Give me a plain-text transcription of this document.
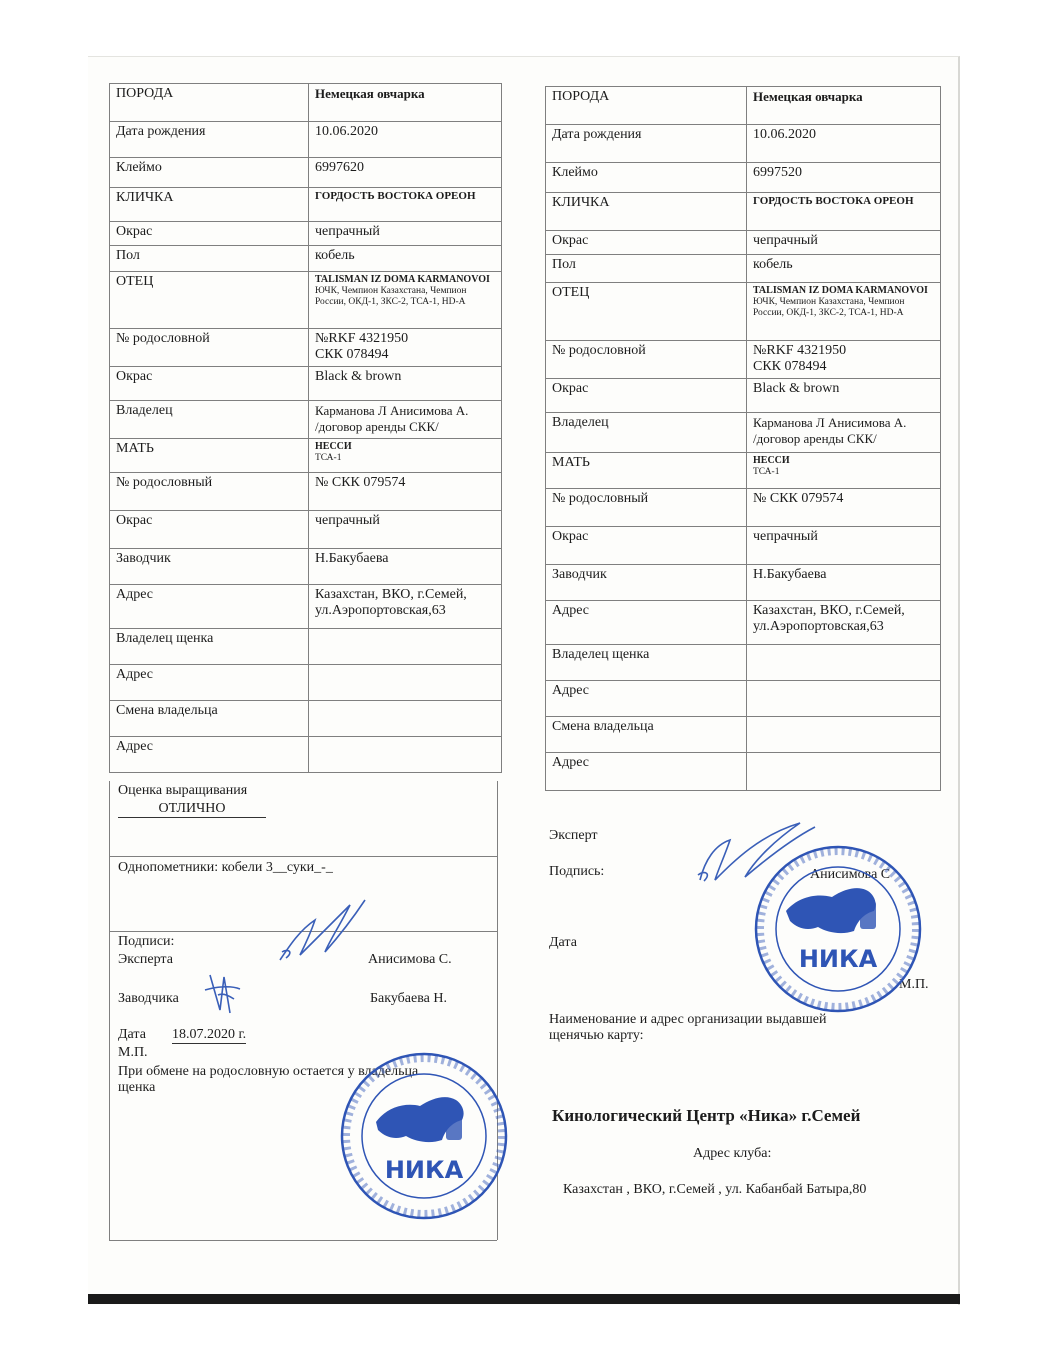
ПОРОДА	Немецкая овчарка
Дата рождения	10.06.2020
Клеймо	6997620
КЛИЧКА	ГОРДОСТЬ ВОСТОКА ОРЕОН
Окрас	чепрачный
Пол	кобель
ОТЕЦ	TALISMAN IZ DOMA KARMANOVOI ЮЧК, Чемпион Казахстана, Чемпион России, ОКД-1, ЗКС-2, ТСА-1, HD-A

№ родословной	№RKF 4321950
СКК 078494

Окрас	Black & brown
Владелец	Карманова Л Анисимова А.
/договор аренды СКК/

МАТЬ	НЕССИ
ТСА-1

№ родословный	№ СКК 079574
Окрас	чепрачный
Заводчик	Н.Бакубаева
Адрес	Казахстан, ВКО, г.Семей,
ул.Аэропортовская,63

Владелец щенка	
Адрес	
Смена владельца	
Адрес	
Оценка выращивания
ОТЛИЧНО
Однопометники: кобели 3__суки_-_
Подписи:
Эксперта	Анисимова С.
Заводчика	Бакубаева Н.
Дата 18.07.2020 г.
М.П.
При обмене на родословную остается у владельца щенка
ПОРОДА	Немецкая овчарка
Дата рождения	10.06.2020
Клеймо	6997520
КЛИЧКА	ГОРДОСТЬ ВОСТОКА ОРЕОН
Окрас	чепрачный
Пол	кобель
ОТЕЦ	TALISMAN IZ DOMA KARMANOVOI ЮЧК, Чемпион Казахстана, Чемпион России, ОКД-1, ЗКС-2, ТСА-1, HD-A

№ родословной	№RKF 4321950
СКК 078494

Окрас	Black & brown
Владелец	Карманова Л Анисимова А.
/договор аренды СКК/

МАТЬ	НЕССИ
ТСА-1

№ родословный	№ СКК 079574
Окрас	чепрачный
Заводчик	Н.Бакубаева
Адрес	Казахстан, ВКО, г.Семей,
ул.Аэропортовская,63

Владелец щенка	
Адрес	
Смена владельца	
Адрес	
Эксперт
Подпись:	Анисимова С
Дата
М.П.
Наименование и адрес организации выдавшей щенячью карту:
Кинологический Центр «Ника» г.Семей
Адрес клуба:
Казахстан , ВКО, г.Семей , ул. Кабанбай Батыра,80
НИКА
НИКА
